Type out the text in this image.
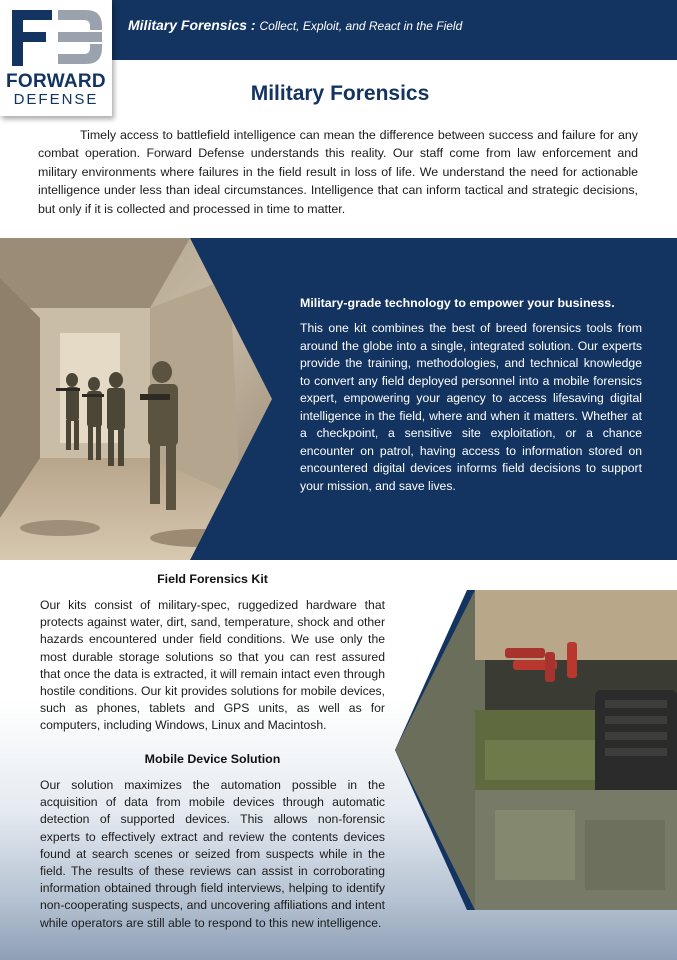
Military Forensics : Collect, Exploit, and React in the Field
FORWARD
DEFENSE	Military Forensics
Timely access to battlefield intelligence can mean the difference between success and failure for any combat operation. Forward Defense understands this reality. Our staff come from law enforcement and military environments where failures in the field result in loss of life. We understand the need for actionable intelligence under less than ideal circumstances. Intelligence that can inform tactical and strategic decisions, but only if it is collected and processed in time to matter.
Military-grade technology to empower your business.
This one kit combines the best of breed forensics tools from around the globe into a single, integrated solution. Our experts provide the training, methodologies, and technical knowledge to convert any field deployed personnel into a mobile forensics expert, empowering your agency to access lifesaving digital intelligence in the field, where and when it matters. Whether at a checkpoint, a sensitive site exploitation, or a chance encounter on patrol, having access to information stored on encountered digital devices informs field decisions to support your mission, and save lives.
Field Forensics Kit
Our kits consist of military-spec, ruggedized hardware that protects against water, dirt, sand, temperature, shock and other hazards encountered under field conditions. We use only the most durable storage solutions so that you can rest assured that once the data is extracted, it will remain intact even through hostile conditions. Our kit provides solutions for mobile devices, such as phones, tablets and GPS units, as well as for computers, including Windows, Linux and Macintosh.
Mobile Device Solution
Our solution maximizes the automation possible in the acquisition of data from mobile devices through automatic detection of supported devices. This allows non-forensic experts to effectively extract and review the contents devices found at search scenes or seized from suspects while in the field. The results of these reviews can assist in corroborating information obtained through field interviews, helping to identify non-cooperating suspects, and uncovering affiliations and intent while operators are still able to respond to this new intelligence.
